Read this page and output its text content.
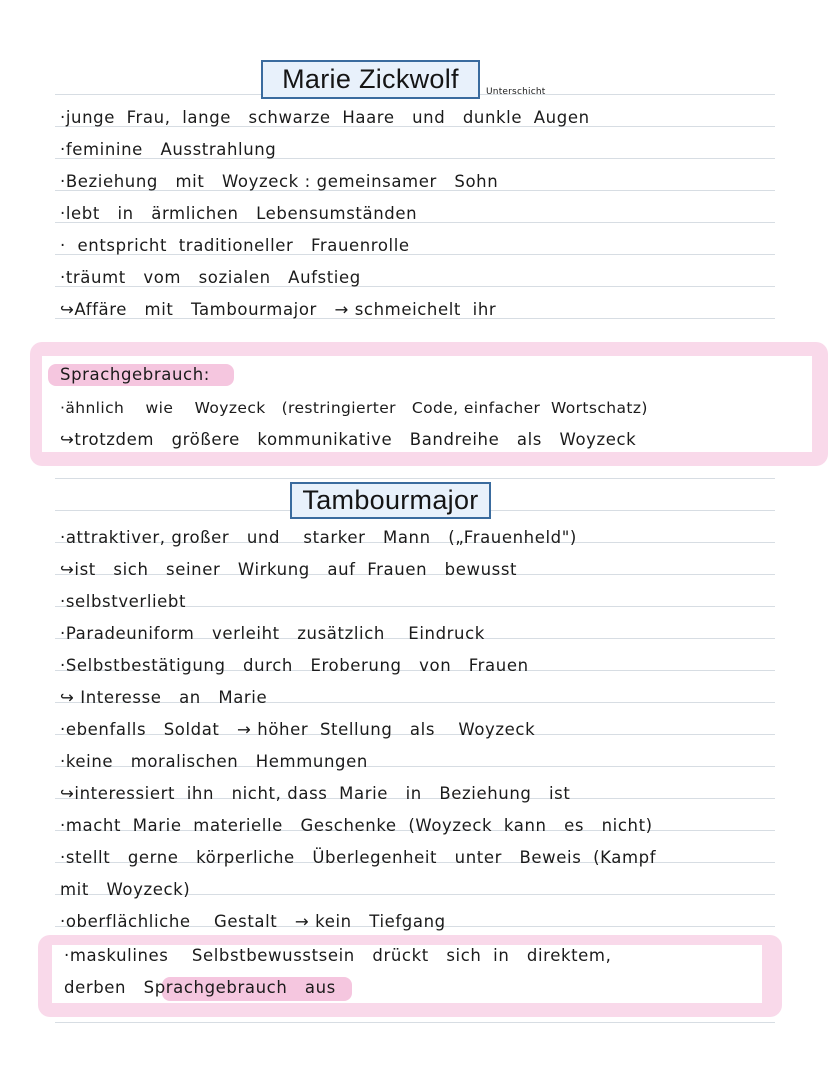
Marie Zickwolf	Unterschicht
Tambourmajor
·junge  Frau,  lange   schwarze  Haare   und   dunkle  Augen
·feminine   Ausstrahlung
·Beziehung   mit   Woyzeck : gemeinsamer   Sohn
·lebt   in   ärmlichen   Lebensumständen
·  entspricht  traditioneller   Frauenrolle
·träumt   vom   sozialen   Aufstieg
↪Affäre   mit   Tambourmajor   → schmeichelt  ihr
Sprachgebrauch:
·ähnlich    wie    Woyzeck   (restringierter   Code, einfacher  Wortschatz)
↪trotzdem   größere   kommunikative   Bandreihe   als   Woyzeck
·attraktiver, großer   und    starker   Mann   („Frauenheld")
↪ist   sich   seiner   Wirkung   auf  Frauen   bewusst
·selbstverliebt
·Paradeuniform   verleiht   zusätzlich    Eindruck
·Selbstbestätigung   durch   Eroberung   von   Frauen
↪ Interesse   an   Marie
·ebenfalls   Soldat   → höher  Stellung   als    Woyzeck
·keine   moralischen   Hemmungen
↪interessiert  ihn   nicht, dass  Marie   in   Beziehung   ist
·macht  Marie  materielle   Geschenke  (Woyzeck  kann   es   nicht)
·stellt   gerne   körperliche   Überlegenheit   unter   Beweis  (Kampf
mit   Woyzeck)
·oberflächliche    Gestalt   → kein   Tiefgang
·maskulines    Selbstbewusstsein   drückt   sich  in   direktem,
derben   Sprachgebrauch   aus
